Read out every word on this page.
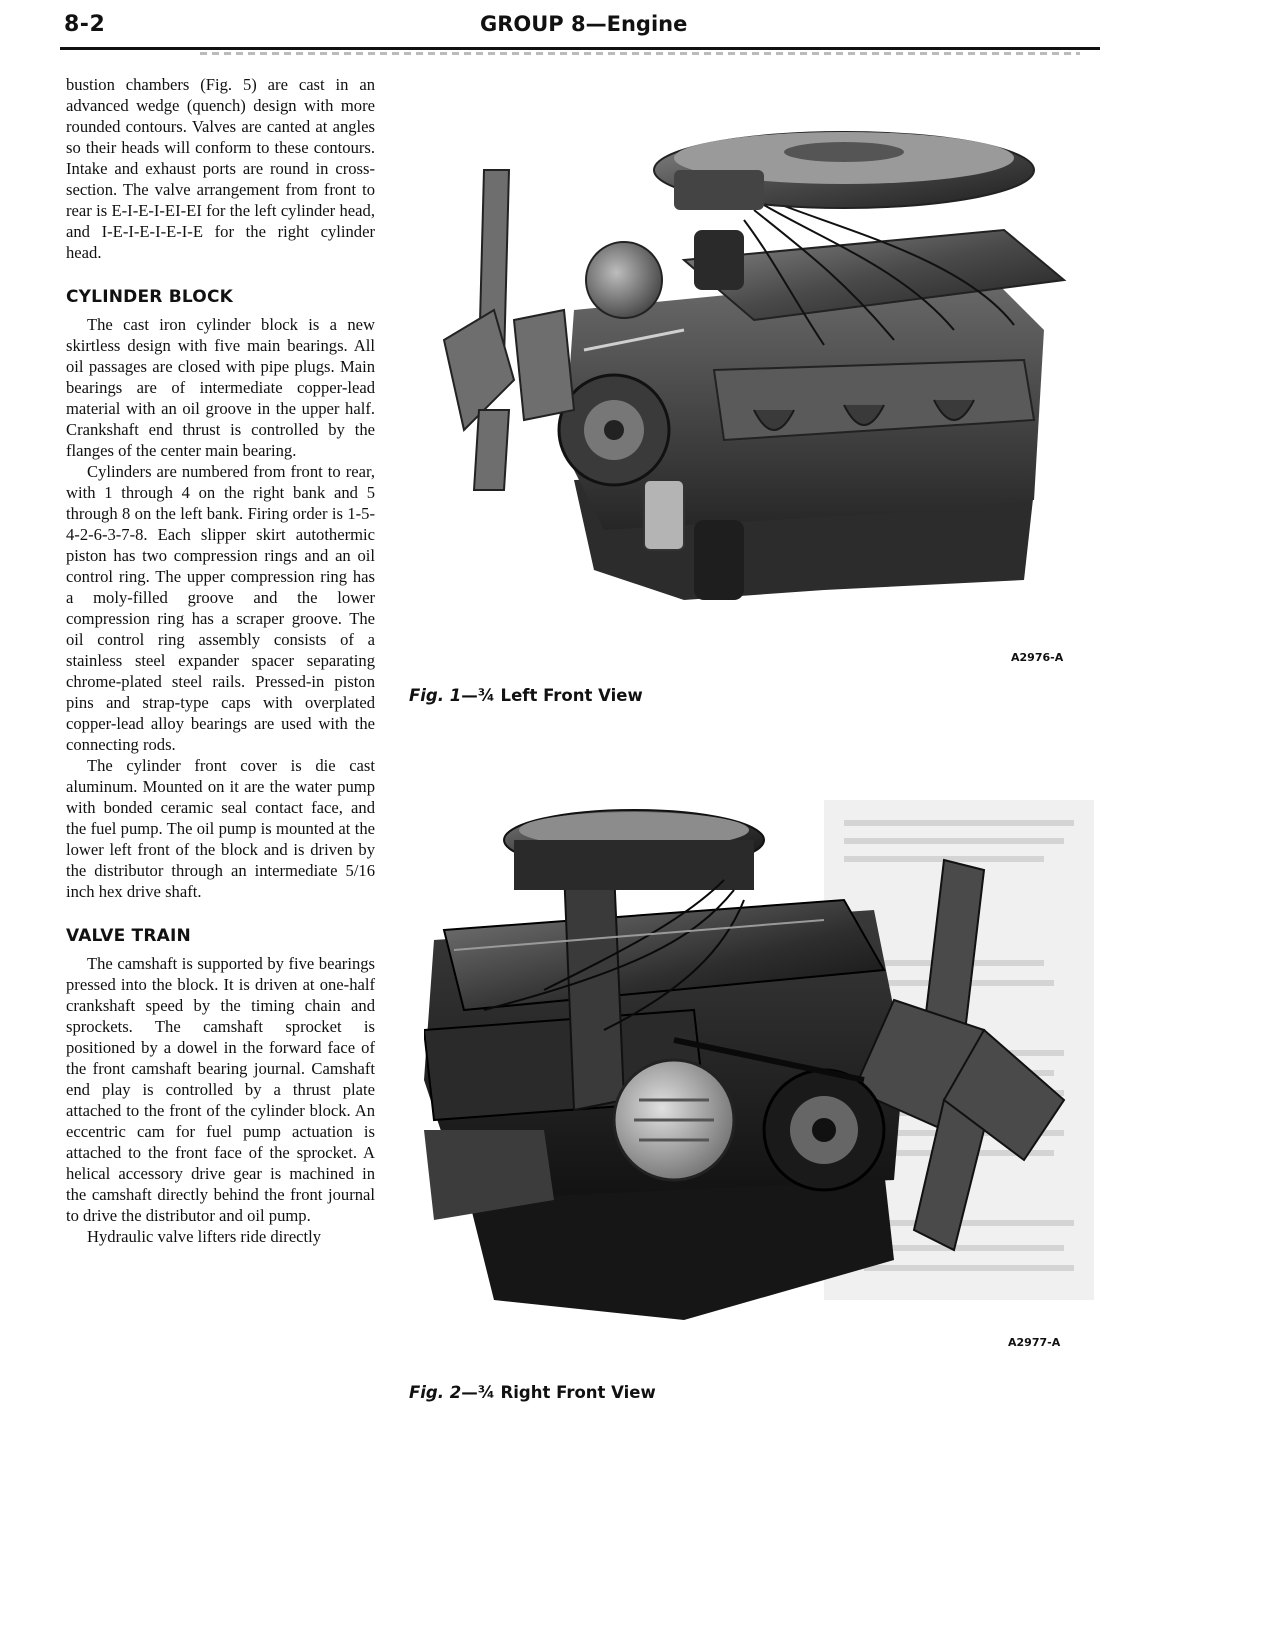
8-2	GROUP 8—Engine

bustion chambers (Fig. 5) are cast in an advanced wedge (quench) design with more rounded contours. Valves are canted at angles so their heads will conform to these contours. Intake and exhaust ports are round in cross-section. The valve arrangement from front to rear is E-I-E-I-EI-EI for the left cylinder head, and I-E-I-E-I-E-I-E for the right cylinder head.

CYLINDER BLOCK

The cast iron cylinder block is a new skirtless design with five main bearings. All oil passages are closed with pipe plugs. Main bearings are of intermediate copper-lead material with an oil groove in the upper half. Crankshaft end thrust is controlled by the flanges of the center main bearing.

Cylinders are numbered from front to rear, with 1 through 4 on the right bank and 5 through 8 on the left bank. Firing order is 1-5-4-2-6-3-7-8. Each slipper skirt autothermic piston has two compression rings and an oil control ring. The upper compression ring has a moly-filled groove and the lower compression ring has a scraper groove. The oil control ring assembly consists of a stainless steel expander spacer separating chrome-plated steel rails. Pressed-in piston pins and strap-type caps with overplated copper-lead alloy bearings are used with the connecting rods.

The cylinder front cover is die cast aluminum. Mounted on it are the water pump with bonded ceramic seal contact face, and the fuel pump. The oil pump is mounted at the lower left front of the block and is driven by the distributor through an intermediate 5/16 inch hex drive shaft.

VALVE TRAIN

The camshaft is supported by five bearings pressed into the block. It is driven at one-half crankshaft speed by the timing chain and sprockets. The camshaft sprocket is positioned by a dowel in the forward face of the front camshaft bearing journal. Camshaft end play is controlled by a thrust plate attached to the front of the cylinder block. An eccentric cam for fuel pump actuation is attached to the front face of the sprocket. A helical accessory drive gear is machined in the camshaft directly behind the front journal to drive the distributor and oil pump.

Hydraulic valve lifters ride directly

A2976-A
Fig. 1—¾ Left Front View
A2977-A
Fig. 2—¾ Right Front View
